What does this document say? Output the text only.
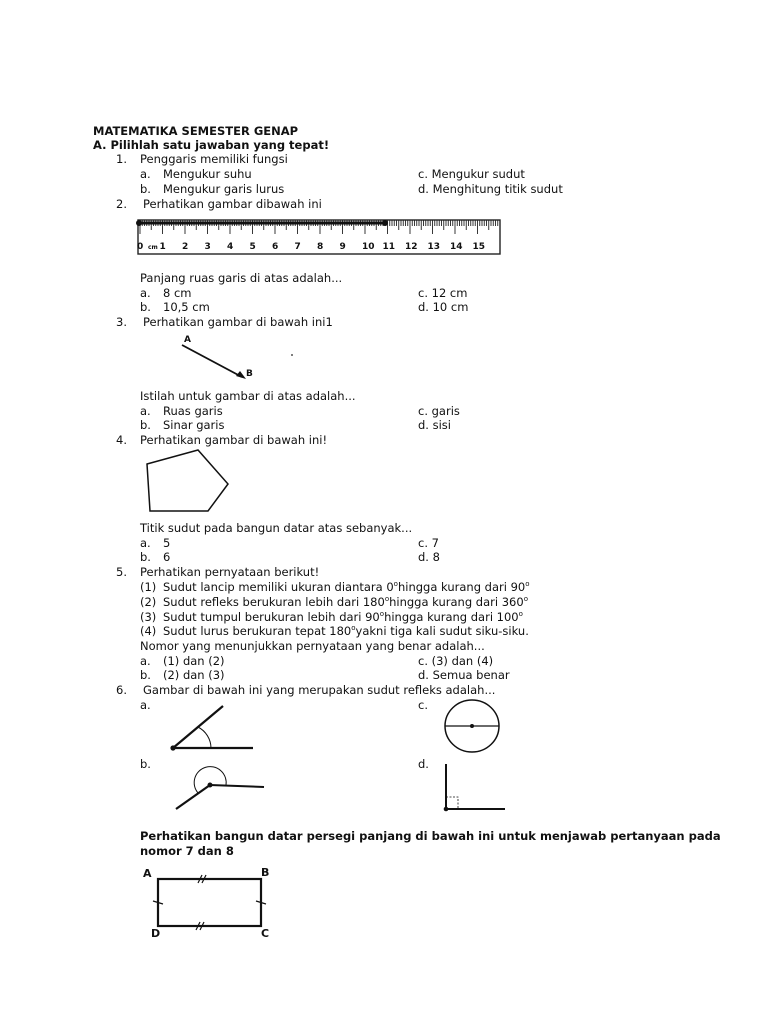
MATEMATIKA SEMESTER GENAP
A. Pilihlah satu jawaban yang tepat!
1. Penggaris memiliki fungsi
a. Mengukur suhu
b. Mengukur garis lurus
c. Mengukur sudut
d. Menghitung titik sudut
2. Perhatikan gambar dibawah ini
0 cm 1 2 3 4 5 6 7 8 9 10 11 12 13 14 15
Panjang ruas garis di atas adalah...
a. 8 cm
b. 10,5 cm
c. 12 cm
d. 10 cm
3. Perhatikan gambar di bawah ini1
A
B
Istilah untuk gambar di atas adalah...
a. Ruas garis
b. Sinar garis
c. garis
d. sisi
4. Perhatikan gambar di bawah ini!
Titik sudut pada bangun datar atas sebanyak...
a. 5
b. 6
c. 7
d. 8
5. Perhatikan pernyataan berikut!
(1) Sudut lancip memiliki ukuran diantara 0$^o$hingga kurang dari 90$^o$
(2) Sudut refleks berukuran lebih dari 180$^o$hingga kurang dari 360$^o$
(3) Sudut tumpul berukuran lebih dari 90$^o$hingga kurang dari 100$^o$
(4) Sudut lurus berukuran tepat 180$^o$yakni tiga kali sudut siku-siku.
Nomor yang menunjukkan pernyataan yang benar adalah...
a. (1) dan (2)
b. (2) dan (3)
c. (3) dan (4)
d. Semua benar
6. Gambar di bawah ini yang merupakan sudut refleks adalah...
a.	c.
b.	d.
Perhatikan bangun datar persegi panjang di bawah ini untuk menjawab pertanyaan pada
nomor 7 dan 8
A	B
C
D
